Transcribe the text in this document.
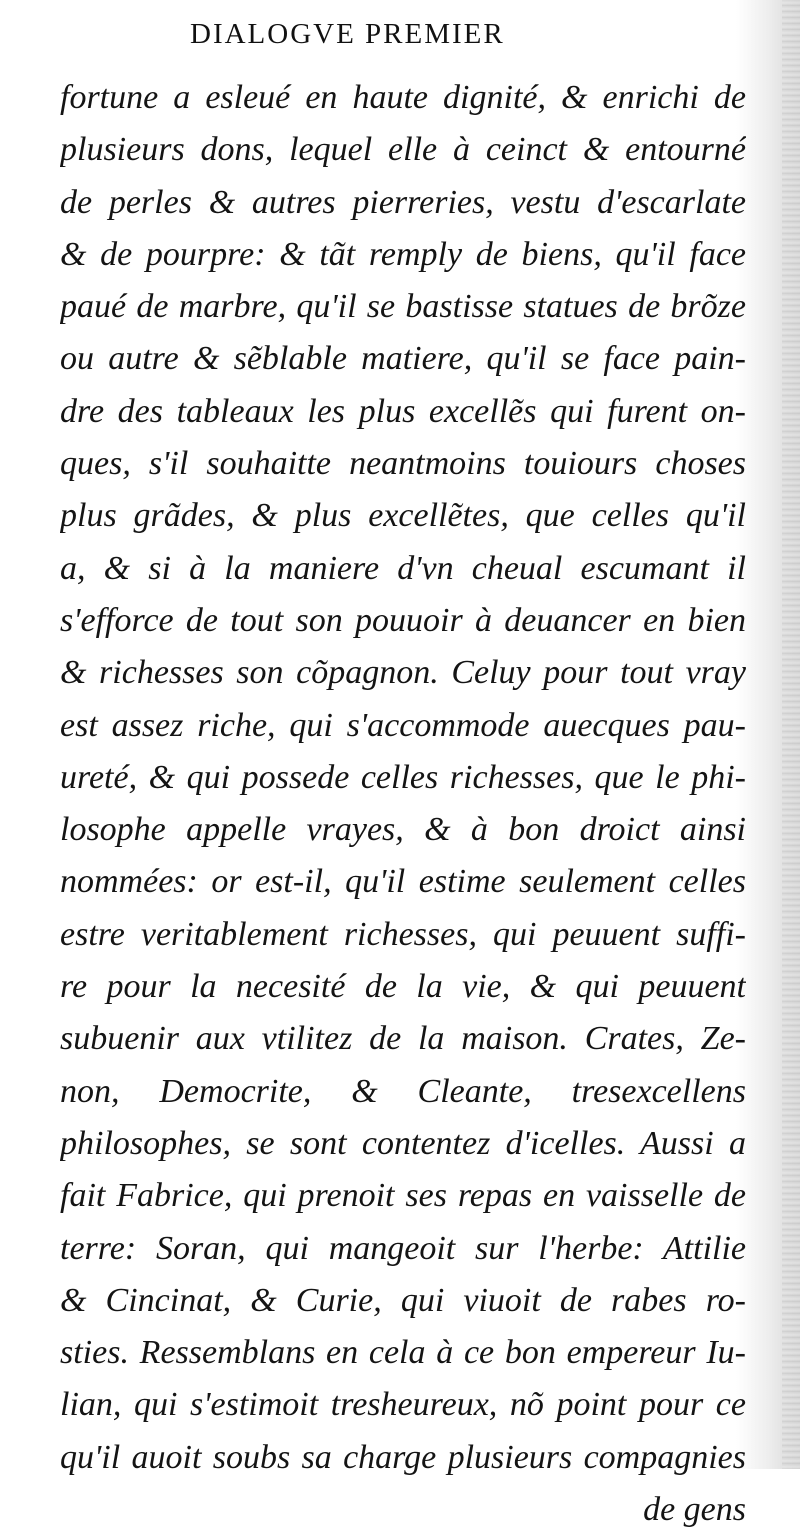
DIALOGVE PREMIER
fortune a esleué en haute dignité, & enrichi de
plusieurs dons, lequel elle à ceinct & entourné
de perles & autres pierreries, vestu d'escarlate
& de pourpre: & tãt remply de biens, qu'il face
paué de marbre, qu'il se bastisse statues de brõze
ou autre & sẽblable matiere, qu'il se face pain-
dre des tableaux les plus excellẽs qui furent on-
ques, s'il souhaitte neantmoins touiours choses
plus grãdes, & plus excellẽtes, que celles qu'il
a, & si à la maniere d'vn cheual escumant il
s'efforce de tout son pouuoir à deuancer en bien
& richesses son cõpagnon. Celuy pour tout vray
est assez riche, qui s'accommode auecques pau-
ureté, & qui possede celles richesses, que le phi-
losophe appelle vrayes, & à bon droict ainsi
nommées: or est-il, qu'il estime seulement celles
estre veritablement richesses, qui peuuent suffi-
re pour la necesité de la vie, & qui peuuent
subuenir aux vtilitez de la maison. Crates, Ze-
non, Democrite, & Cleante, tresexcellens
philosophes, se sont contentez d'icelles. Aussi a
fait Fabrice, qui prenoit ses repas en vaisselle de
terre: Soran, qui mangeoit sur l'herbe: Attilie
& Cincinat, & Curie, qui viuoit de rabes ro-
sties. Ressemblans en cela à ce bon empereur Iu-
lian, qui s'estimoit tresheureux, nõ point pour ce
qu'il auoit soubs sa charge plusieurs compagnies
de gens
